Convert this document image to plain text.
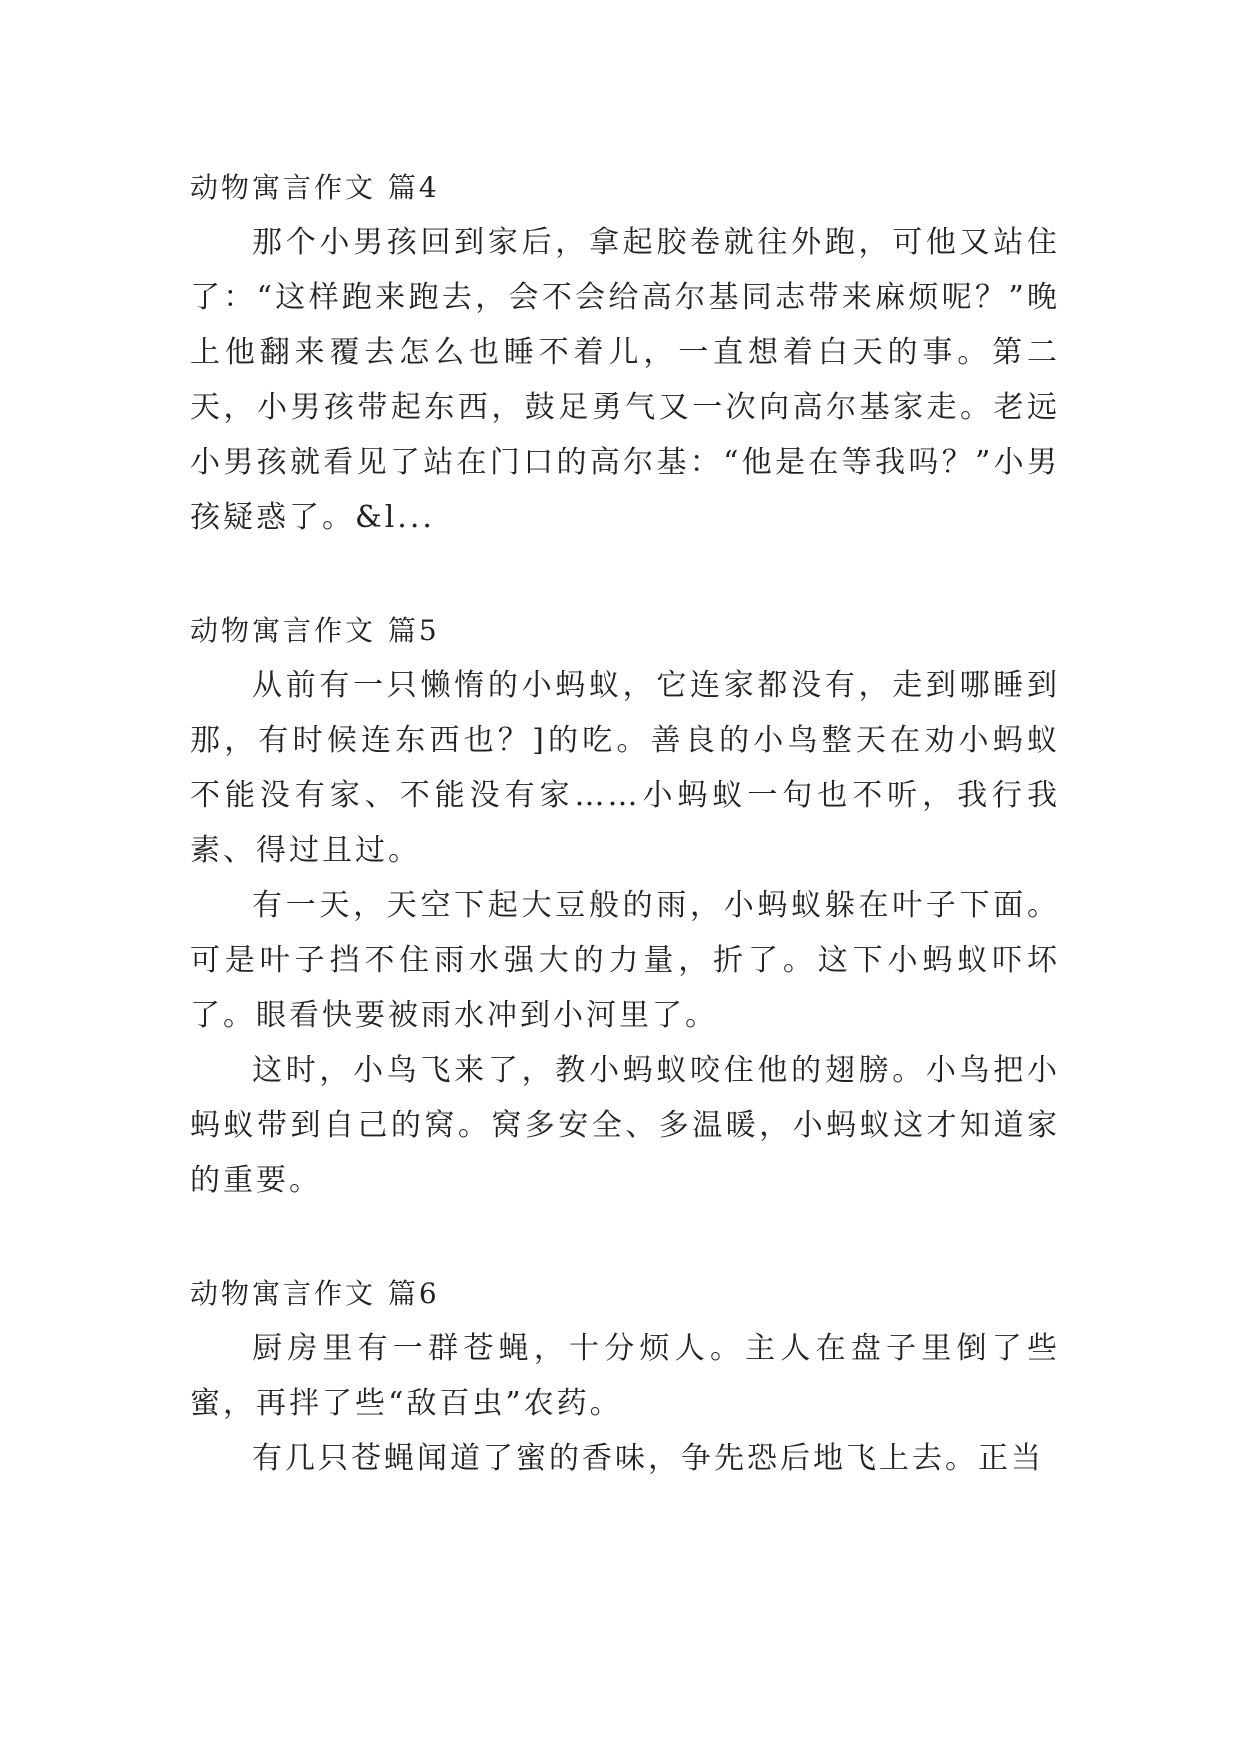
动物寓言作文 篇4

那个小男孩回到家后，拿起胶卷就往外跑，可他又站住了：“这样跑来跑去，会不会给高尔基同志带来麻烦呢？”晚上他翻来覆去怎么也睡不着儿，一直想着白天的事。第二天，小男孩带起东西，鼓足勇气又一次向高尔基家走。老远小男孩就看见了站在门口的高尔基：“他是在等我吗？”小男孩疑惑了。&l...

动物寓言作文 篇5

从前有一只懒惰的小蚂蚁，它连家都没有，走到哪睡到那，有时候连东西也？]的吃。善良的小鸟整天在劝小蚂蚁不能没有家、不能没有家……小蚂蚁一句也不听，我行我素、得过且过。

有一天，天空下起大豆般的雨，小蚂蚁躲在叶子下面。可是叶子挡不住雨水强大的力量，折了。这下小蚂蚁吓坏了。眼看快要被雨水冲到小河里了。

这时，小鸟飞来了，教小蚂蚁咬住他的翅膀。小鸟把小蚂蚁带到自己的窝。窝多安全、多温暖，小蚂蚁这才知道家的重要。

动物寓言作文 篇6

厨房里有一群苍蝇，十分烦人。主人在盘子里倒了些蜜，再拌了些“敌百虫”农药。

有几只苍蝇闻道了蜜的香味，争先恐后地飞上去。正当
